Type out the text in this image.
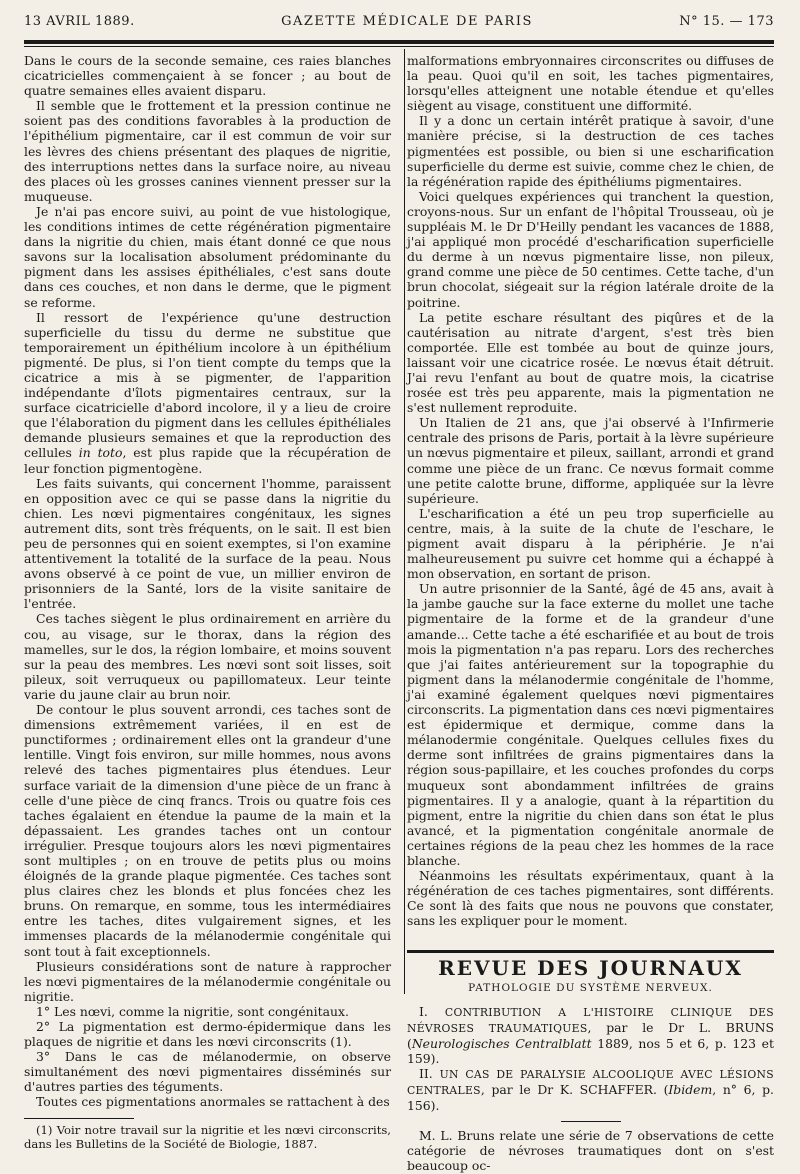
13 AVRIL 1889.	GAZETTE MÉDICALE DE PARIS	N° 15. — 173

Dans le cours de la seconde semaine, ces raies blanches cicatricielles commençaient à se foncer ; au bout de quatre semaines elles avaient disparu.

Il semble que le frottement et la pression continue ne soient pas des conditions favorables à la production de l'épithélium pigmentaire, car il est commun de voir sur les lèvres des chiens présentant des plaques de nigritie, des interruptions nettes dans la surface noire, au niveau des places où les grosses canines viennent presser sur la muqueuse.

Je n'ai pas encore suivi, au point de vue histologique, les conditions intimes de cette régénération pigmentaire dans la nigritie du chien, mais étant donné ce que nous savons sur la localisation absolument prédominante du pigment dans les assises épithéliales, c'est sans doute dans ces couches, et non dans le derme, que le pigment se reforme.

Il ressort de l'expérience qu'une destruction superficielle du tissu du derme ne substitue que temporairement un épithélium incolore à un épithélium pigmenté. De plus, si l'on tient compte du temps que la cicatrice a mis à se pigmenter, de l'apparition indépendante d'îlots pigmentaires centraux, sur la surface cicatricielle d'abord incolore, il y a lieu de croire que l'élaboration du pigment dans les cellules épithéliales demande plusieurs semaines et que la reproduction des cellules in toto, est plus rapide que la récupération de leur fonction pigmentogène.

Les faits suivants, qui concernent l'homme, paraissent en opposition avec ce qui se passe dans la nigritie du chien. Les nœvi pigmentaires congénitaux, les signes autrement dits, sont très fréquents, on le sait. Il est bien peu de personnes qui en soient exemptes, si l'on examine attentivement la totalité de la surface de la peau. Nous avons observé à ce point de vue, un millier environ de prisonniers de la Santé, lors de la visite sanitaire de l'entrée.

Ces taches siègent le plus ordinairement en arrière du cou, au visage, sur le thorax, dans la région des mamelles, sur le dos, la région lombaire, et moins souvent sur la peau des membres. Les nœvi sont soit lisses, soit pileux, soit verruqueux ou papillomateux. Leur teinte varie du jaune clair au brun noir.

De contour le plus souvent arrondi, ces taches sont de dimensions extrêmement variées, il en est de punctiformes ; ordinairement elles ont la grandeur d'une lentille. Vingt fois environ, sur mille hommes, nous avons relevé des taches pigmentaires plus étendues. Leur surface variait de la dimension d'une pièce de un franc à celle d'une pièce de cinq francs. Trois ou quatre fois ces taches égalaient en étendue la paume de la main et la dépassaient. Les grandes taches ont un contour irrégulier. Presque toujours alors les nœvi pigmentaires sont multiples ; on en trouve de petits plus ou moins éloignés de la grande plaque pigmentée. Ces taches sont plus claires chez les blonds et plus foncées chez les bruns. On remarque, en somme, tous les intermédiaires entre les taches, dites vulgairement signes, et les immenses placards de la mélanodermie congénitale qui sont tout à fait exceptionnels.

Plusieurs considérations sont de nature à rapprocher les nœvi pigmentaires de la mélanodermie congénitale ou nigritie.

1° Les nœvi, comme la nigritie, sont congénitaux.

2° La pigmentation est dermo-épidermique dans les plaques de nigritie et dans les nœvi circonscrits (1).

3° Dans le cas de mélanodermie, on observe simultanément des nœvi pigmentaires disséminés sur d'autres parties des téguments.

Toutes ces pigmentations anormales se rattachent à des

(1) Voir notre travail sur la nigritie et les nœvi circonscrits, dans les Bulletins de la Société de Biologie, 1887.

malformations embryonnaires circonscrites ou diffuses de la peau. Quoi qu'il en soit, les taches pigmentaires, lorsqu'elles atteignent une notable étendue et qu'elles siègent au visage, constituent une difformité.

Il y a donc un certain intérêt pratique à savoir, d'une manière précise, si la destruction de ces taches pigmentées est possible, ou bien si une escharification superficielle du derme est suivie, comme chez le chien, de la régénération rapide des épithéliums pigmentaires.

Voici quelques expériences qui tranchent la question, croyons-nous. Sur un enfant de l'hôpital Trousseau, où je suppléais M. le Dr D'Heilly pendant les vacances de 1888, j'ai appliqué mon procédé d'escharification superficielle du derme à un nœvus pigmentaire lisse, non pileux, grand comme une pièce de 50 centimes. Cette tache, d'un brun chocolat, siégeait sur la région latérale droite de la poitrine.

La petite eschare résultant des piqûres et de la cautérisation au nitrate d'argent, s'est très bien comportée. Elle est tombée au bout de quinze jours, laissant voir une cicatrice rosée. Le nœvus était détruit. J'ai revu l'enfant au bout de quatre mois, la cicatrise rosée est très peu apparente, mais la pigmentation ne s'est nullement reproduite.

Un Italien de 21 ans, que j'ai observé à l'Infirmerie centrale des prisons de Paris, portait à la lèvre supérieure un nœvus pigmentaire et pileux, saillant, arrondi et grand comme une pièce de un franc. Ce nœvus formait comme une petite calotte brune, difforme, appliquée sur la lèvre supérieure.

L'escharification a été un peu trop superficielle au centre, mais, à la suite de la chute de l'eschare, le pigment avait disparu à la périphérie. Je n'ai malheureusement pu suivre cet homme qui a échappé à mon observation, en sortant de prison.

Un autre prisonnier de la Santé, âgé de 45 ans, avait à la jambe gauche sur la face externe du mollet une tache pigmentaire de la forme et de la grandeur d'une amande... Cette tache a été escharifiée et au bout de trois mois la pigmentation n'a pas reparu. Lors des recherches que j'ai faites antérieurement sur la topographie du pigment dans la mélanodermie congénitale de l'homme, j'ai examiné également quelques nœvi pigmentaires circonscrits. La pigmentation dans ces nœvi pigmentaires est épidermique et dermique, comme dans la mélanodermie congénitale. Quelques cellules fixes du derme sont infiltrées de grains pigmentaires dans la région sous-papillaire, et les couches profondes du corps muqueux sont abondamment infiltrées de grains pigmentaires. Il y a analogie, quant à la répartition du pigment, entre la nigritie du chien dans son état le plus avancé, et la pigmentation congénitale anormale de certaines régions de la peau chez les hommes de la race blanche.

Néanmoins les résultats expérimentaux, quant à la régénération de ces taches pigmentaires, sont différents. Ce sont là des faits que nous ne pouvons que constater, sans les expliquer pour le moment.

REVUE DES JOURNAUX
PATHOLOGIE DU SYSTÈME NERVEUX.

I. CONTRIBUTION A L'HISTOIRE CLINIQUE DES NÉVROSES TRAUMATIQUES, par le Dr L. BRUNS (Neurologisches Centralblatt 1889, nos 5 et 6, p. 123 et 159).

II. UN CAS DE PARALYSIE ALCOOLIQUE AVEC LÉSIONS CENTRALES, par le Dr K. SCHAFFER. (Ibidem, n° 6, p. 156).

M. L. Bruns relate une série de 7 observations de cette catégorie de névroses traumatiques dont on s'est beaucoup oc-
